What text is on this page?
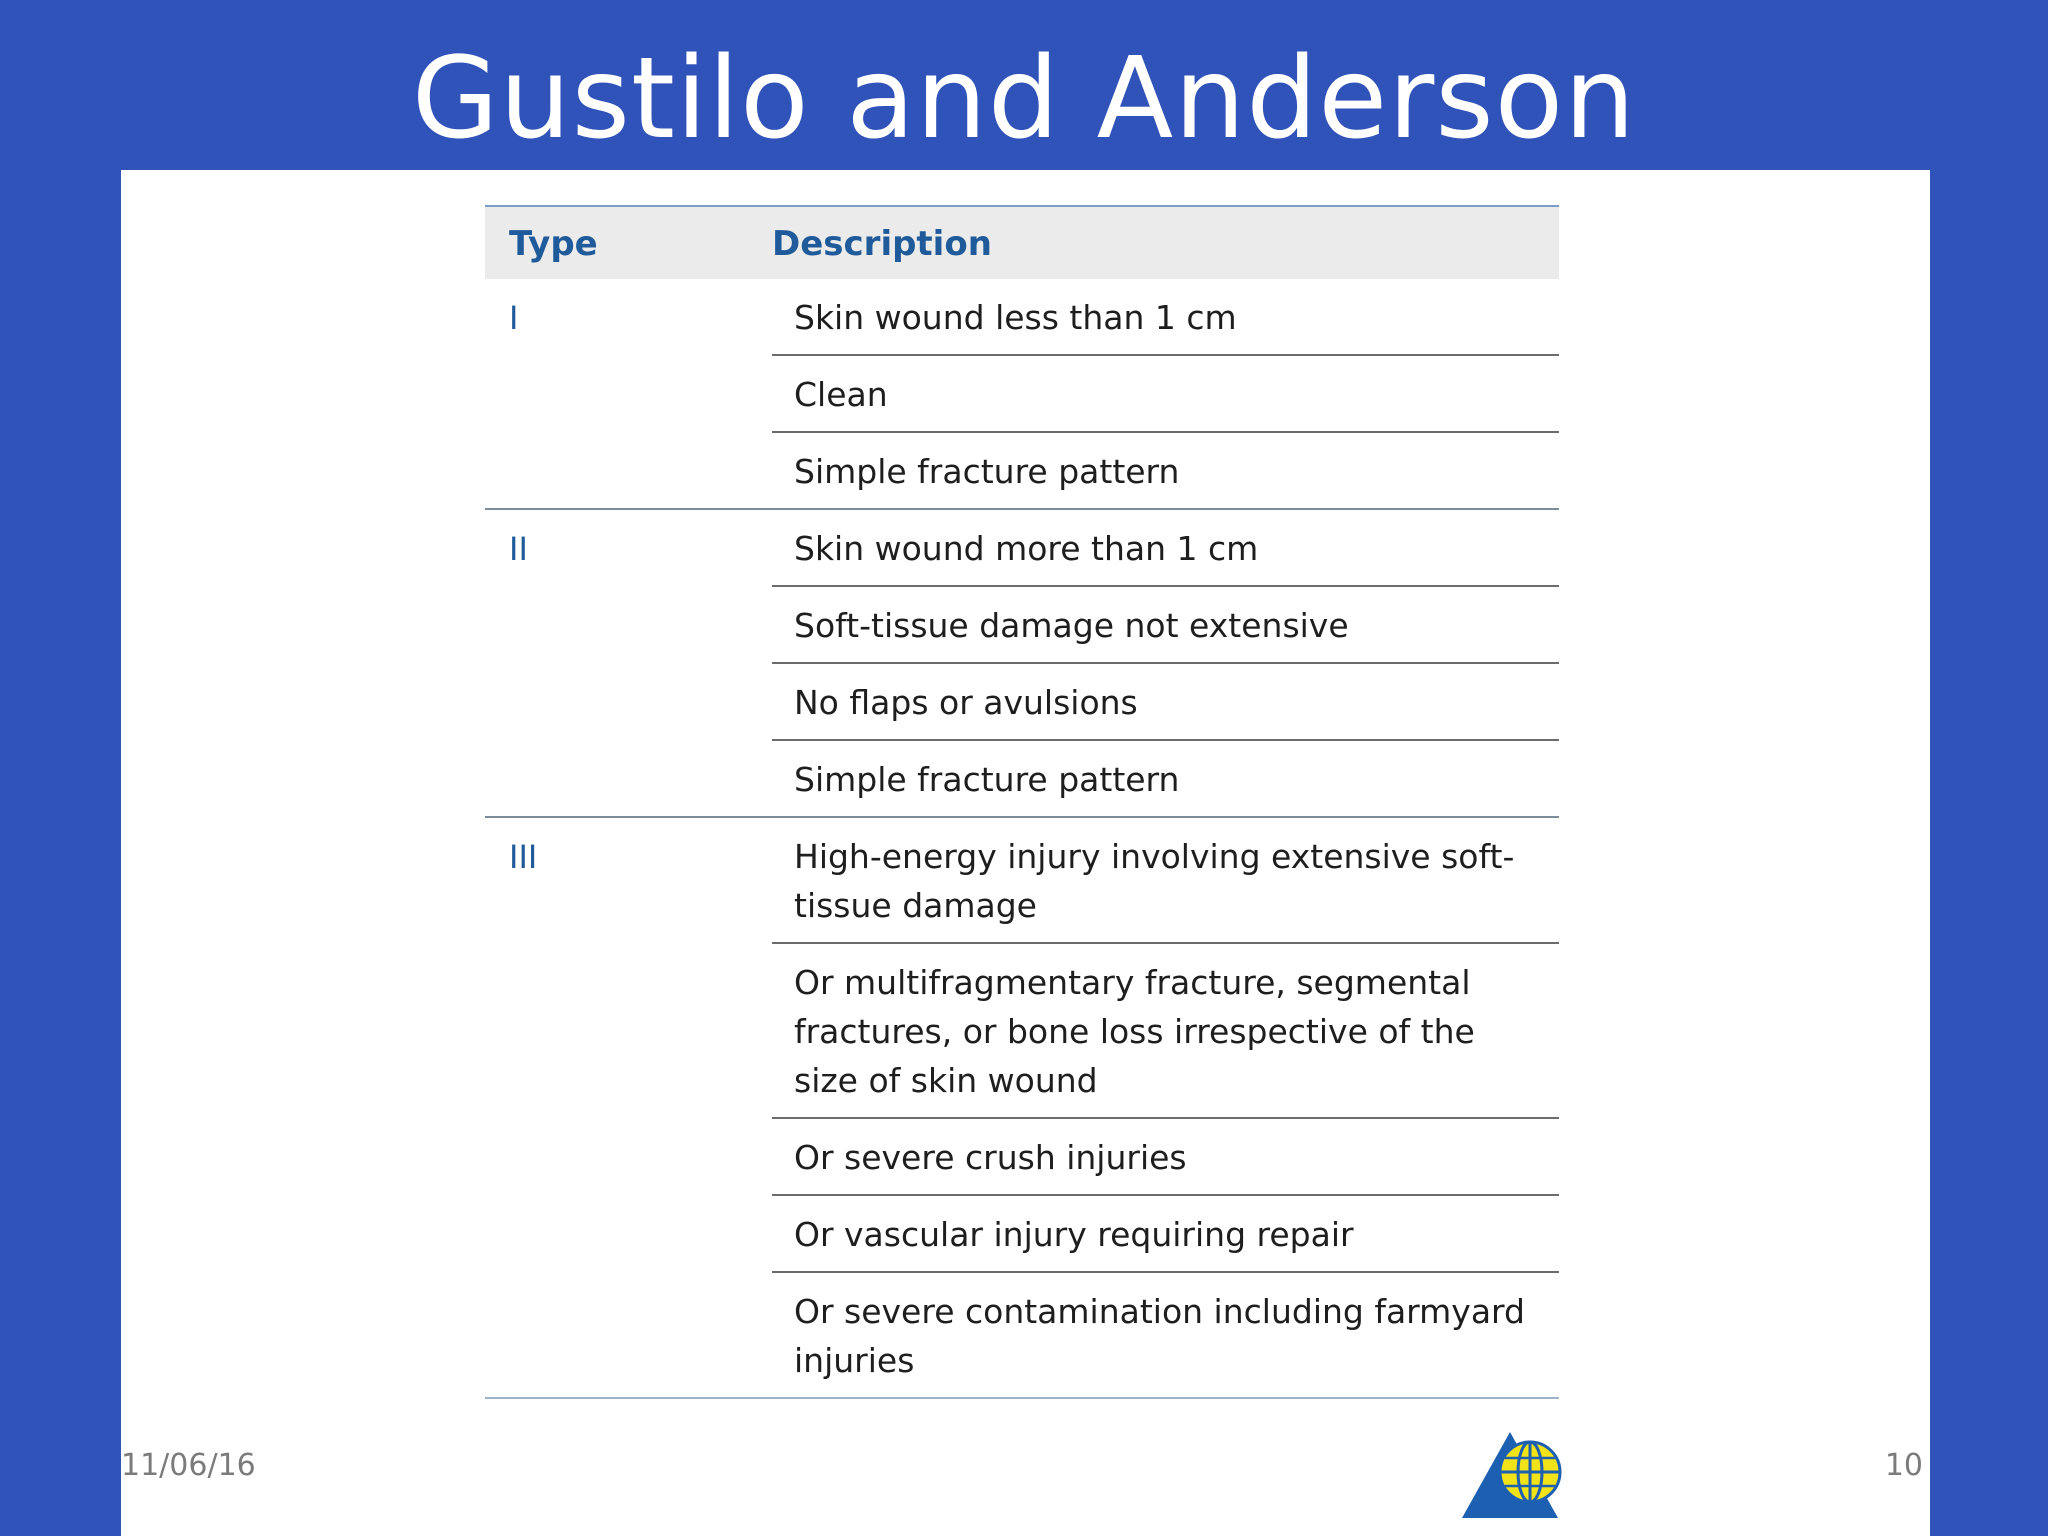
Gustilo and Anderson
Type	Description
I	Skin wound less than 1 cm
Clean
Simple fracture pattern
II	Skin wound more than 1 cm
Soft-tissue damage not extensive
No flaps or avulsions
Simple fracture pattern
III	High-energy injury involving extensive soft-tissue damage
Or multifragmentary fracture, segmental fractures, or bone loss irrespective of the size of skin wound
Or severe crush injuries
Or vascular injury requiring repair
Or severe contamination including farmyard injuries
11/06/16	10
